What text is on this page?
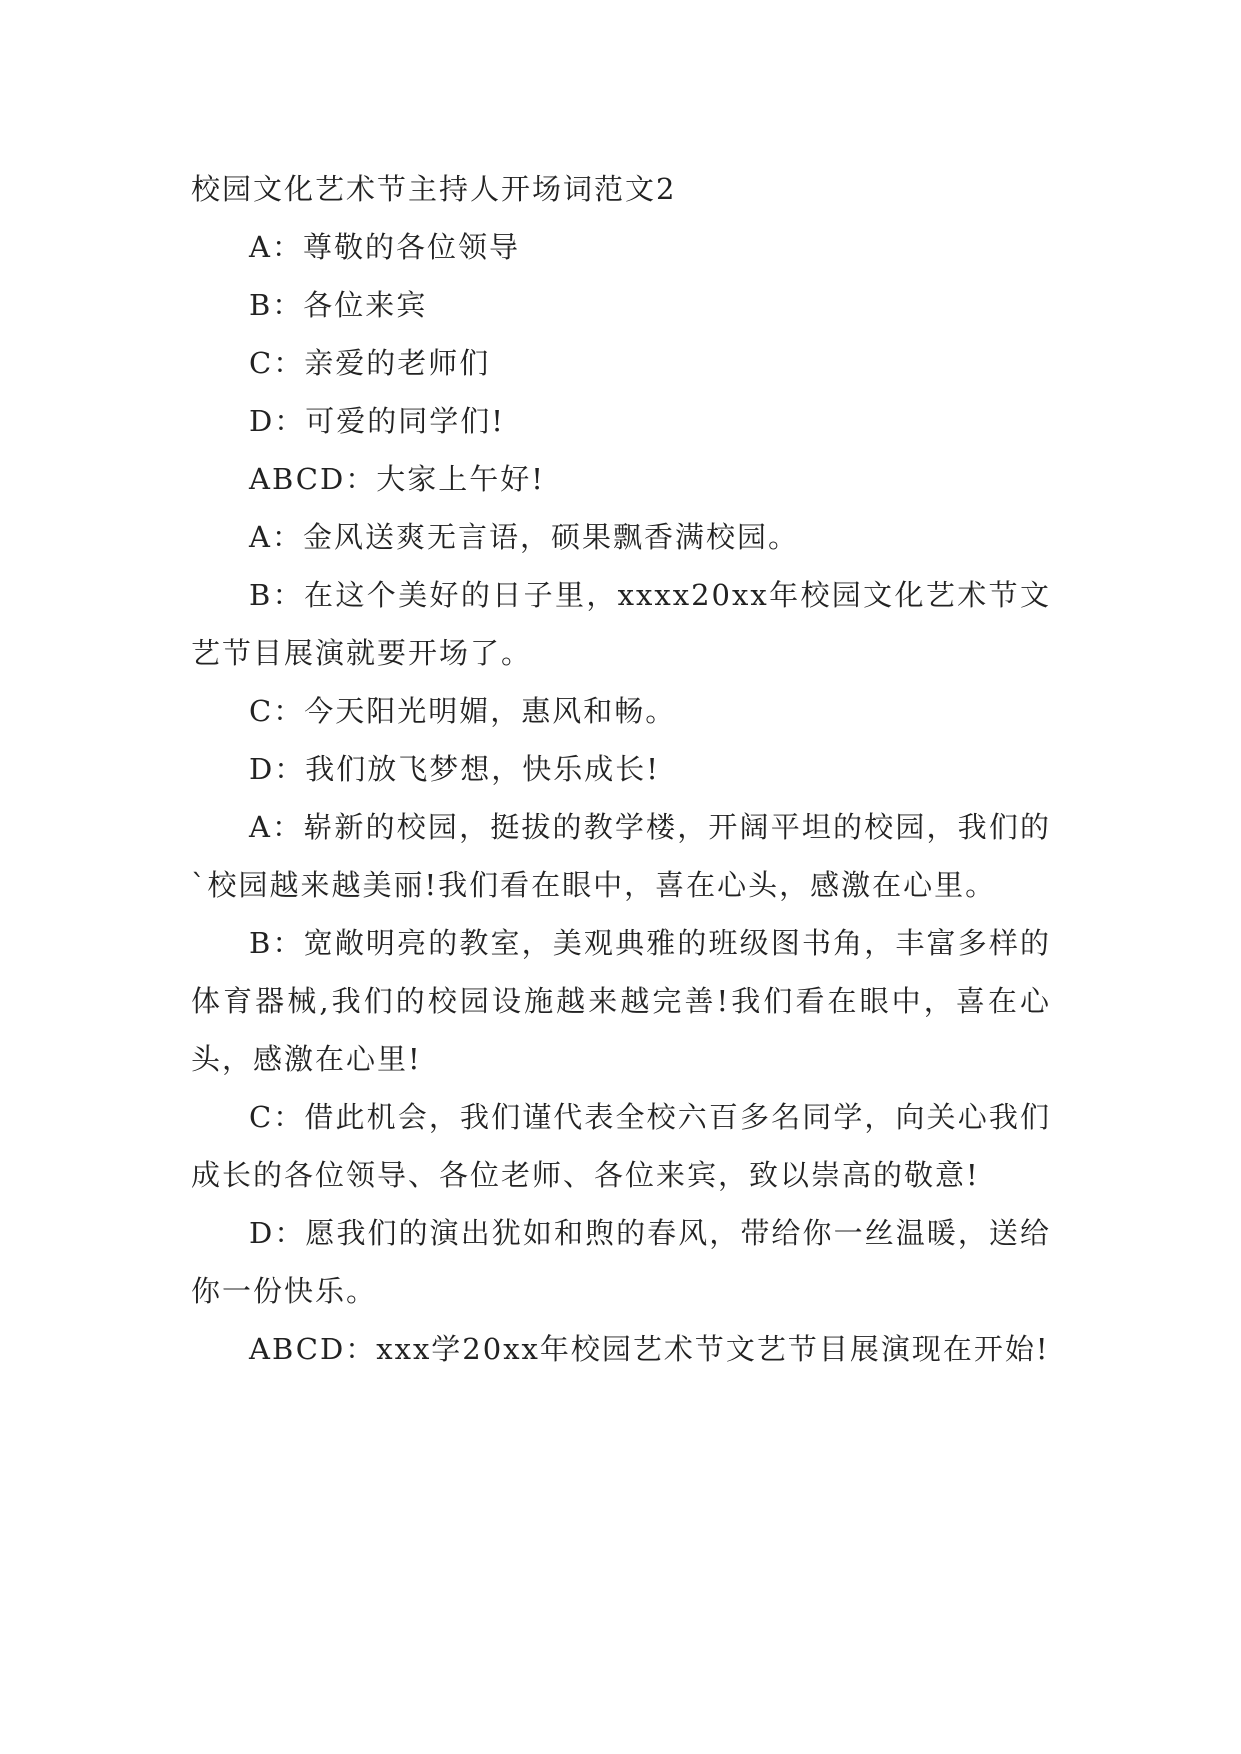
校园文化艺术节主持人开场词范文2

A：尊敬的各位领导

B：各位来宾

C：亲爱的老师们

D：可爱的同学们!

ABCD：大家上午好!

A：金风送爽无言语，硕果飘香满校园。

B：在这个美好的日子里，xxxx20xx年校园文化艺术节文艺节目展演就要开场了。

C：今天阳光明媚，惠风和畅。

D：我们放飞梦想，快乐成长!

A：崭新的校园，挺拔的教学楼，开阔平坦的校园，我们的`校园越来越美丽!我们看在眼中，喜在心头，感激在心里。

B：宽敞明亮的教室，美观典雅的班级图书角，丰富多样的体育器械,我们的校园设施越来越完善!我们看在眼中，喜在心头，感激在心里!

C：借此机会，我们谨代表全校六百多名同学，向关心我们成长的各位领导、各位老师、各位来宾，致以崇高的敬意!

D：愿我们的演出犹如和煦的春风，带给你一丝温暖，送给你一份快乐。

ABCD：xxx学20xx年校园艺术节文艺节目展演现在开始!
